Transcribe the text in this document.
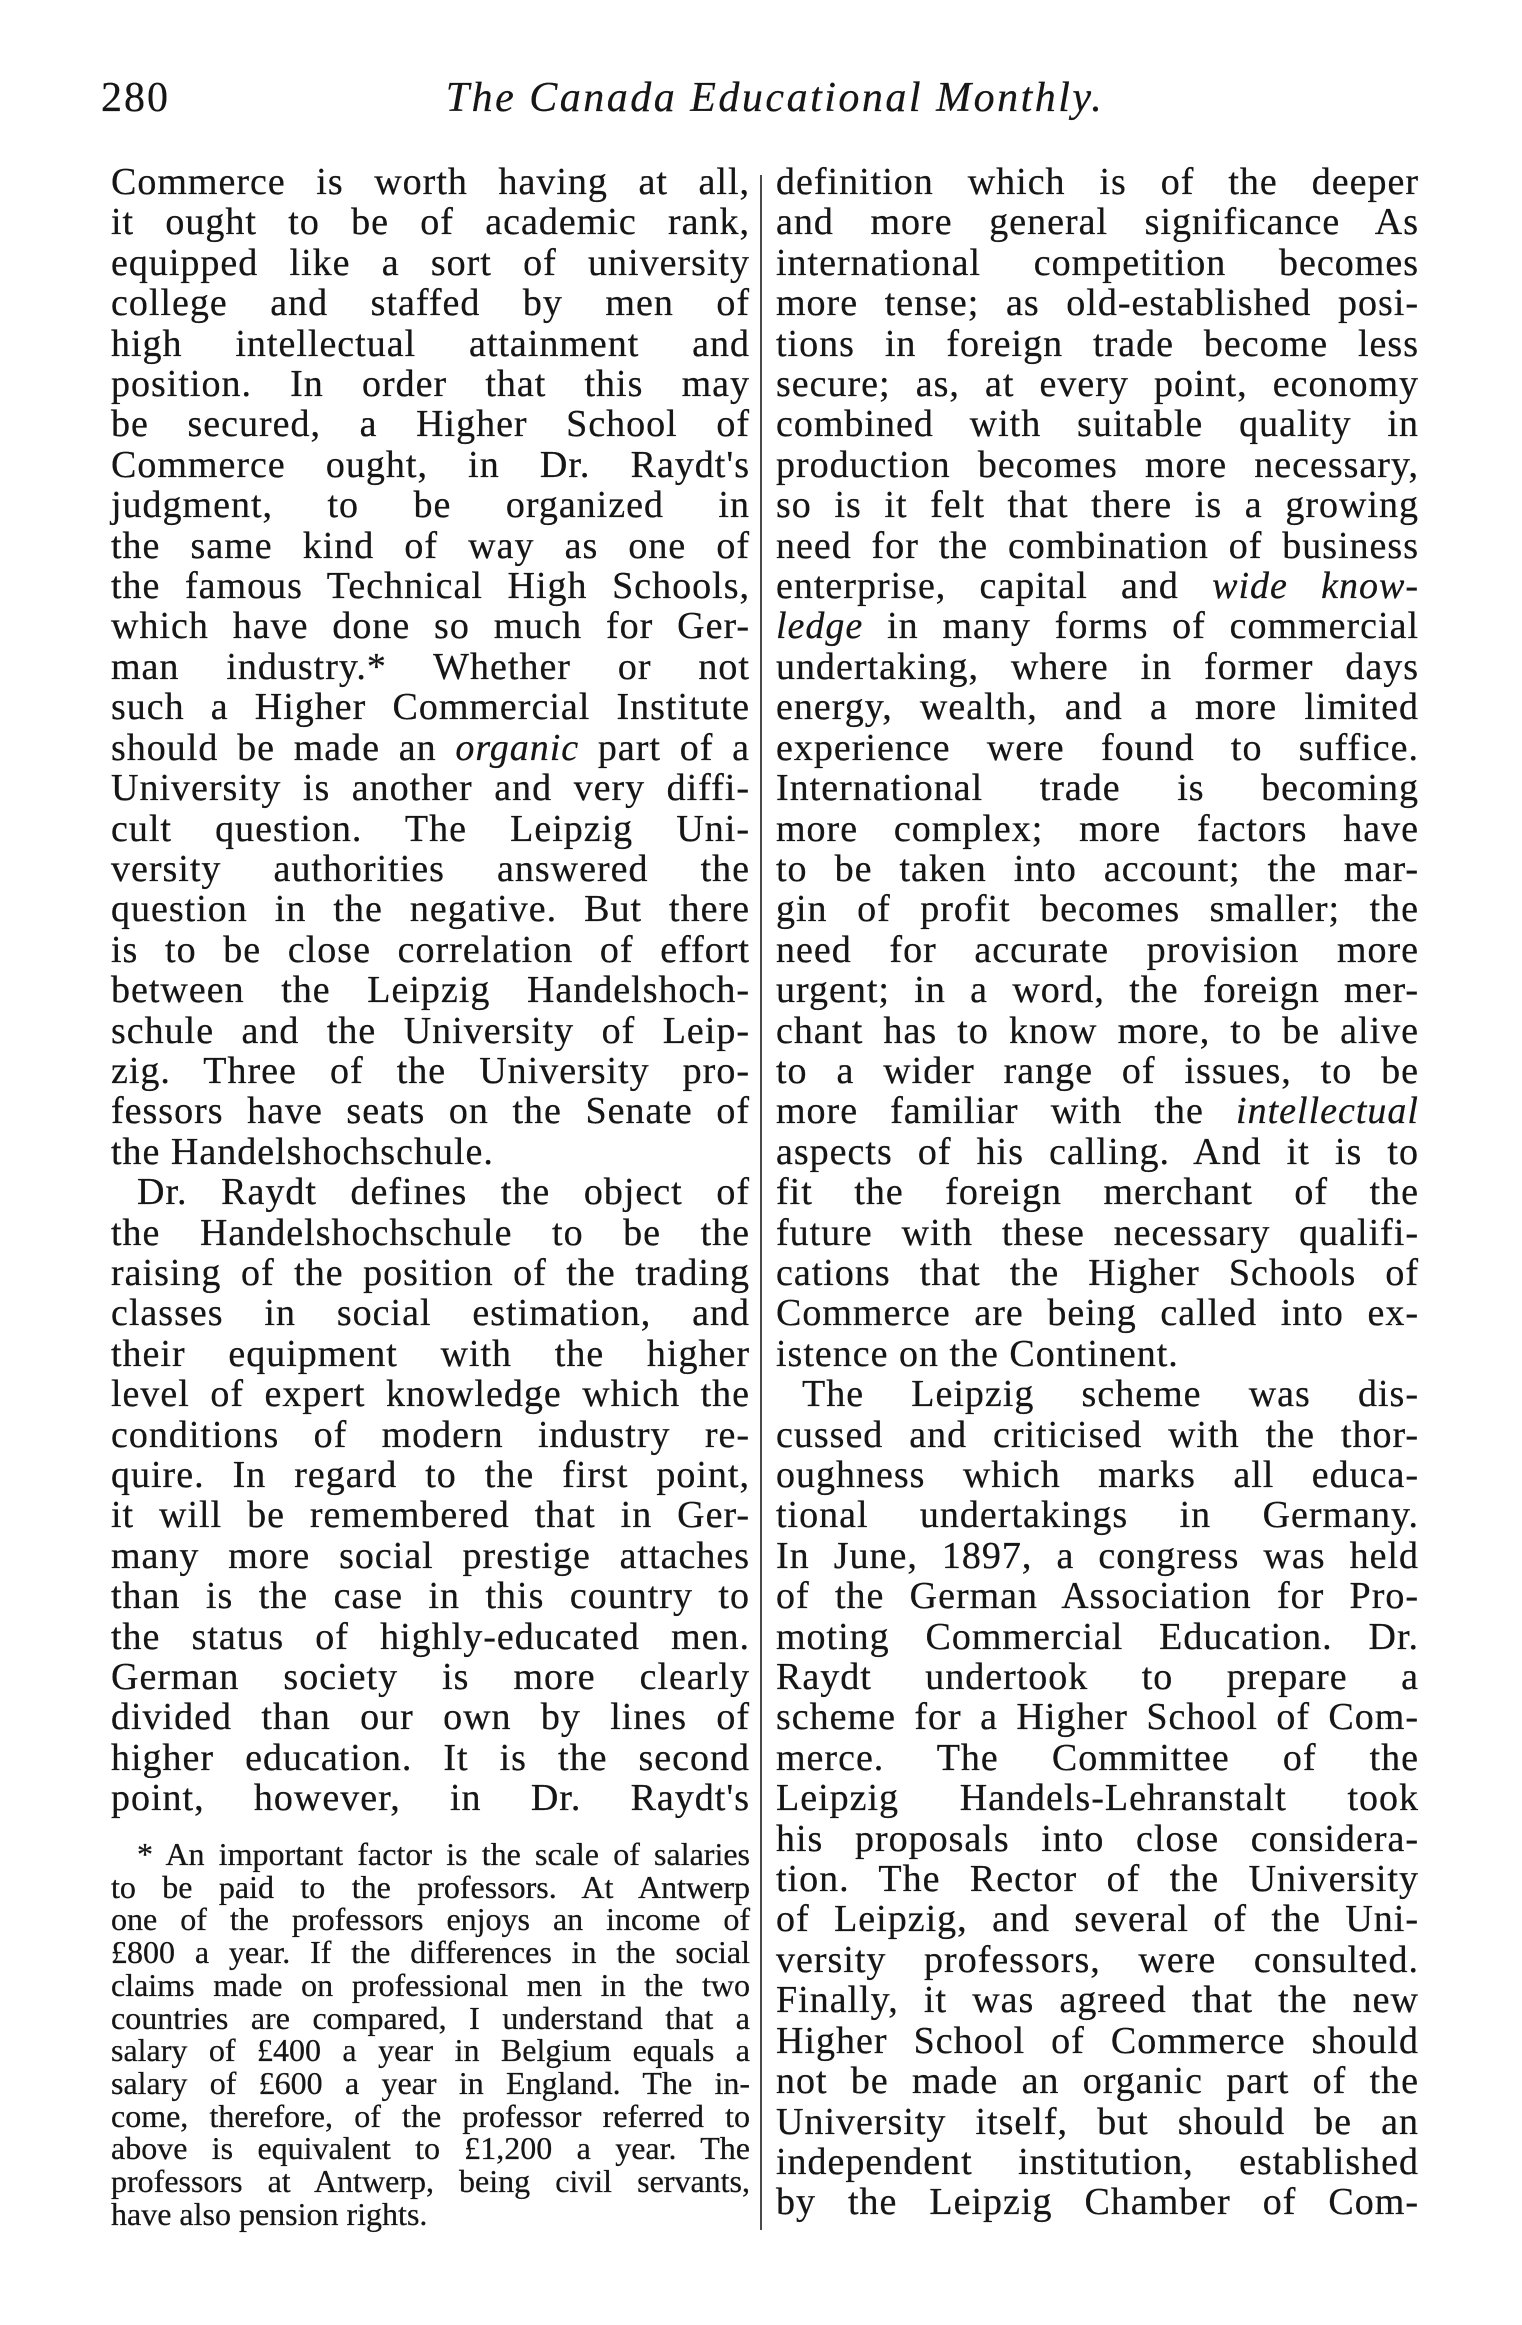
280	The Canada Educational Monthly.
Commerce is worth having at all,
it ought to be of academic rank,
equipped like a sort of university
college and staffed by men of
high intellectual attainment and
position. In order that this may
be secured, a Higher School of
Commerce ought, in Dr. Raydt's
judgment, to be organized in
the same kind of way as one of
the famous Technical High Schools,
which have done so much for Ger-
man industry.* Whether or not
such a Higher Commercial Institute
should be made an organic part of a
University is another and very diffi-
cult question. The Leipzig Uni-
versity authorities answered the
question in the negative. But there
is to be close correlation of effort
between the Leipzig Handelshoch-
schule and the University of Leip-
zig. Three of the University pro-
fessors have seats on the Senate of
the Handelshochschule.
Dr. Raydt defines the object of
the Handelshochschule to be the
raising of the position of the trading
classes in social estimation, and
their equipment with the higher
level of expert knowledge which the
conditions of modern industry re-
quire. In regard to the first point,
it will be remembered that in Ger-
many more social prestige attaches
than is the case in this country to
the status of highly-educated men.
German society is more clearly
divided than our own by lines of
higher education. It is the second
point, however, in Dr. Raydt's
* An important factor is the scale of salaries
to be paid to the professors. At Antwerp
one of the professors enjoys an income of
£800 a year. If the differences in the social
claims made on professional men in the two
countries are compared, I understand that a
salary of £400 a year in Belgium equals a
salary of £600 a year in England. The in-
come, therefore, of the professor referred to
above is equivalent to £1,200 a year. The
professors at Antwerp, being civil servants,
have also pension rights.
definition which is of the deeper
and more general significance As
international competition becomes
more tense; as old-established posi-
tions in foreign trade become less
secure; as, at every point, economy
combined with suitable quality in
production becomes more necessary,
so is it felt that there is a growing
need for the combination of business
enterprise, capital and wide know-
ledge in many forms of commercial
undertaking, where in former days
energy, wealth, and a more limited
experience were found to suffice.
International trade is becoming
more complex; more factors have
to be taken into account; the mar-
gin of profit becomes smaller; the
need for accurate provision more
urgent; in a word, the foreign mer-
chant has to know more, to be alive
to a wider range of issues, to be
more familiar with the intellectual
aspects of his calling. And it is to
fit the foreign merchant of the
future with these necessary qualifi-
cations that the Higher Schools of
Commerce are being called into ex-
istence on the Continent.
The Leipzig scheme was dis-
cussed and criticised with the thor-
oughness which marks all educa-
tional undertakings in Germany.
In June, 1897, a congress was held
of the German Association for Pro-
moting Commercial Education. Dr.
Raydt undertook to prepare a
scheme for a Higher School of Com-
merce. The Committee of the
Leipzig Handels-Lehranstalt took
his proposals into close considera-
tion. The Rector of the University
of Leipzig, and several of the Uni-
versity professors, were consulted.
Finally, it was agreed that the new
Higher School of Commerce should
not be made an organic part of the
University itself, but should be an
independent institution, established
by the Leipzig Chamber of Com-
